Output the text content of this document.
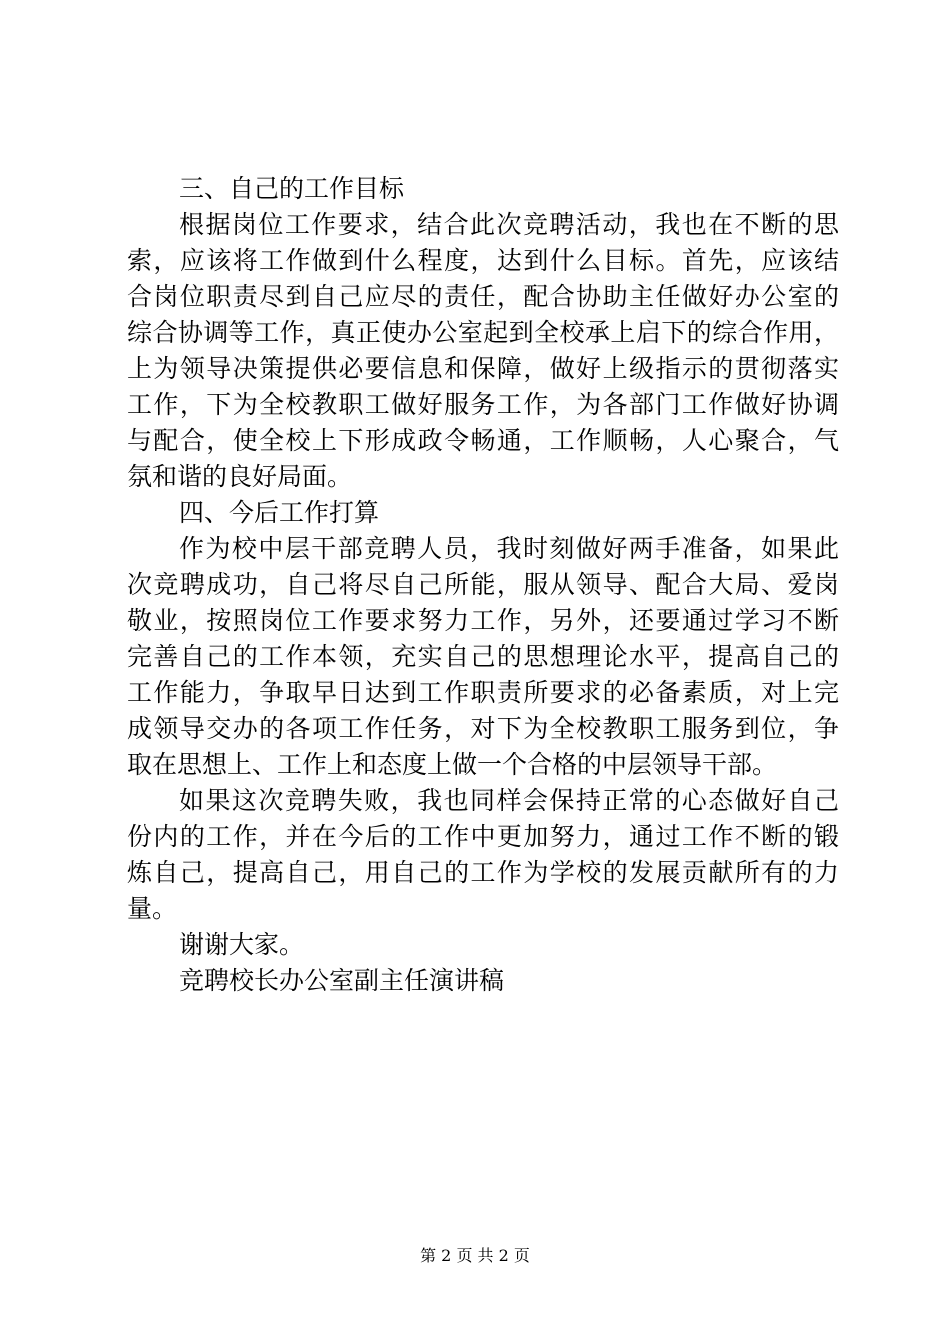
三、自己的工作目标
根据岗位工作要求，结合此次竞聘活动，我也在不断的思
索，应该将工作做到什么程度，达到什么目标。首先，应该结
合岗位职责尽到自己应尽的责任，配合协助主任做好办公室的
综合协调等工作，真正使办公室起到全校承上启下的综合作用，
上为领导决策提供必要信息和保障，做好上级指示的贯彻落实
工作，下为全校教职工做好服务工作，为各部门工作做好协调
与配合，使全校上下形成政令畅通，工作顺畅，人心聚合，气
氛和谐的良好局面。
四、今后工作打算
作为校中层干部竞聘人员，我时刻做好两手准备，如果此
次竞聘成功，自己将尽自己所能，服从领导、配合大局、爱岗
敬业，按照岗位工作要求努力工作，另外，还要通过学习不断
完善自己的工作本领，充实自己的思想理论水平，提高自己的
工作能力，争取早日达到工作职责所要求的必备素质，对上完
成领导交办的各项工作任务，对下为全校教职工服务到位，争
取在思想上、工作上和态度上做一个合格的中层领导干部。
如果这次竞聘失败，我也同样会保持正常的心态做好自己
份内的工作，并在今后的工作中更加努力，通过工作不断的锻
炼自己，提高自己，用自己的工作为学校的发展贡献所有的力
量。
谢谢大家。
竞聘校长办公室副主任演讲稿
第 2 页 共 2 页
